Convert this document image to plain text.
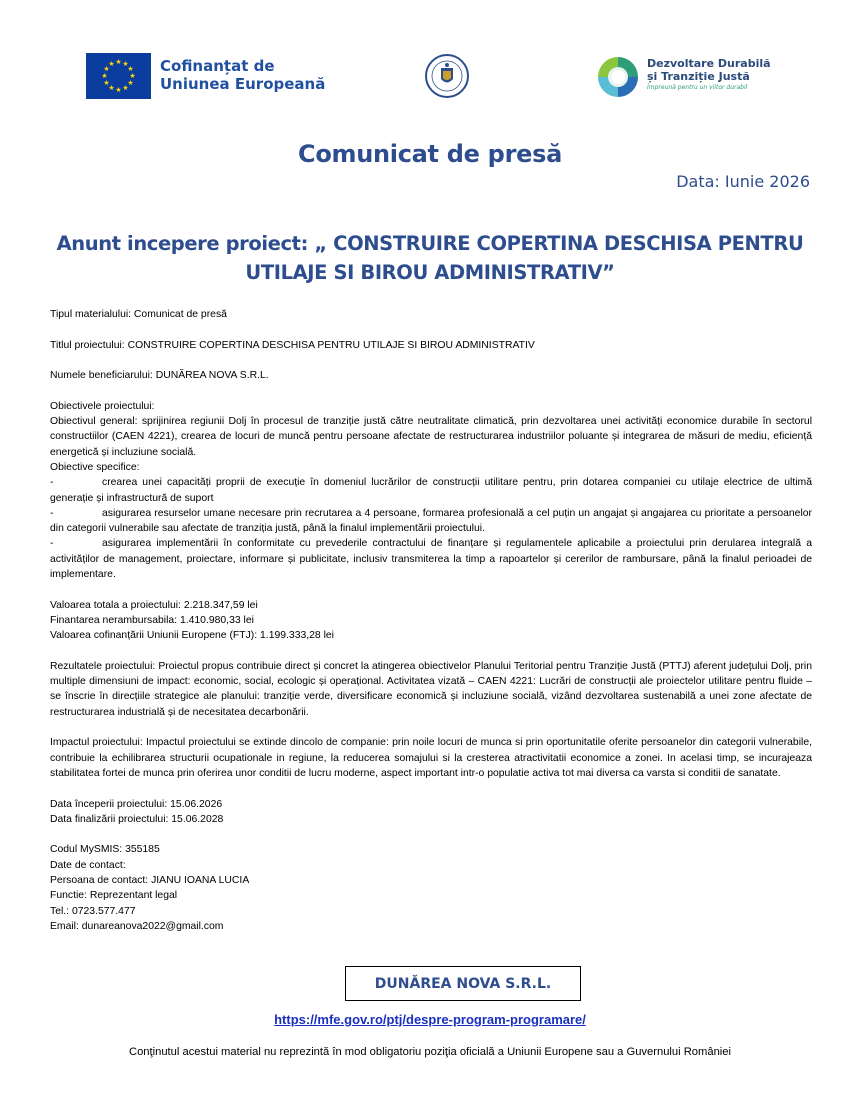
★ ★
★
★
★
★
★
★
★
★
★
★	Cofinanțat de
Uniunea Europeană
Dezvoltare Durabilă
și Tranziție Justă
Împreună pentru un viitor durabil
Comunicat de presă
Data: Iunie 2026
Anunt incepere proiect: „ CONSTRUIRE COPERTINA DESCHISA PENTRU
UTILAJE SI BIROU ADMINISTRATIV”

Tipul materialului: Comunicat de presă

Titlul proiectului: CONSTRUIRE COPERTINA DESCHISA PENTRU UTILAJE SI BIROU ADMINISTRATIV

Numele beneficiarului: DUNĂREA NOVA S.R.L.

Obiectivele proiectului:

Obiectivul general: sprijinirea regiunii Dolj în procesul de tranziție justă către neutralitate climatică, prin dezvoltarea unei activități economice durabile în sectorul constructiilor (CAEN 4221), crearea de locuri de muncă pentru persoane afectate de restructurarea industriilor poluante și integrarea de măsuri de mediu, eficiență energetică și incluziune socială.

Obiective specifice:

-	crearea unei capacități proprii de execuție în domeniul lucrărilor de construcții utilitare pentru, prin dotarea companiei cu utilaje electrice de ultimă generație și infrastructură de suport

-	asigurarea resurselor umane necesare prin recrutarea a 4 persoane, formarea profesională a cel puțin un angajat și angajarea cu prioritate a persoanelor din categorii vulnerabile sau afectate de tranziția justă, până la finalul implementării proiectului.

-	asigurarea implementării în conformitate cu prevederile contractului de finanțare și regulamentele aplicabile a proiectului prin derularea integrală a activităților de management, proiectare, informare și publicitate, inclusiv transmiterea la timp a rapoartelor și cererilor de rambursare, până la finalul perioadei de implementare.

Valoarea totala a proiectului: 2.218.347,59 lei

Finantarea nerambursabila: 1.410.980,33 lei

Valoarea cofinanțării Uniunii Europene (FTJ): 1.199.333,28 lei

Rezultatele proiectului: Proiectul propus contribuie direct și concret la atingerea obiectivelor Planului Teritorial pentru Tranziție Justă (PTTJ) aferent județului Dolj, prin multiple dimensiuni de impact: economic, social, ecologic și operațional. Activitatea vizată – CAEN 4221: Lucrări de construcții ale proiectelor utilitare pentru fluide – se înscrie în direcțiile strategice ale planului: tranziție verde, diversificare economică și incluziune socială, vizând dezvoltarea sustenabilă a unei zone afectate de restructurarea industrială și de necesitatea decarbonării.

Impactul proiectului: Impactul proiectului se extinde dincolo de companie: prin noile locuri de munca si prin oportunitatile oferite persoanelor din categorii vulnerabile, contribuie la echilibrarea structurii ocupationale in regiune, la reducerea somajului si la cresterea atractivitatii economice a zonei. In acelasi timp, se incurajeaza stabilitatea fortei de munca prin oferirea unor conditii de lucru moderne, aspect important intr-o populatie activa tot mai diversa ca varsta si conditii de sanatate.

Data începerii proiectului: 15.06.2026

Data finalizării proiectului: 15.06.2028

Codul MySMIS: 355185

Date de contact:

Persoana de contact: JIANU IOANA LUCIA

Functie: Reprezentant legal

Tel.: 0723.577.477

Email: dunareanova2022@gmail.com

DUNĂREA NOVA S.R.L.
https://mfe.gov.ro/ptj/despre-program-programare/
Conţinutul acestui material nu reprezintă în mod obligatoriu poziţia oficială a Uniunii Europene sau a Guvernului României
